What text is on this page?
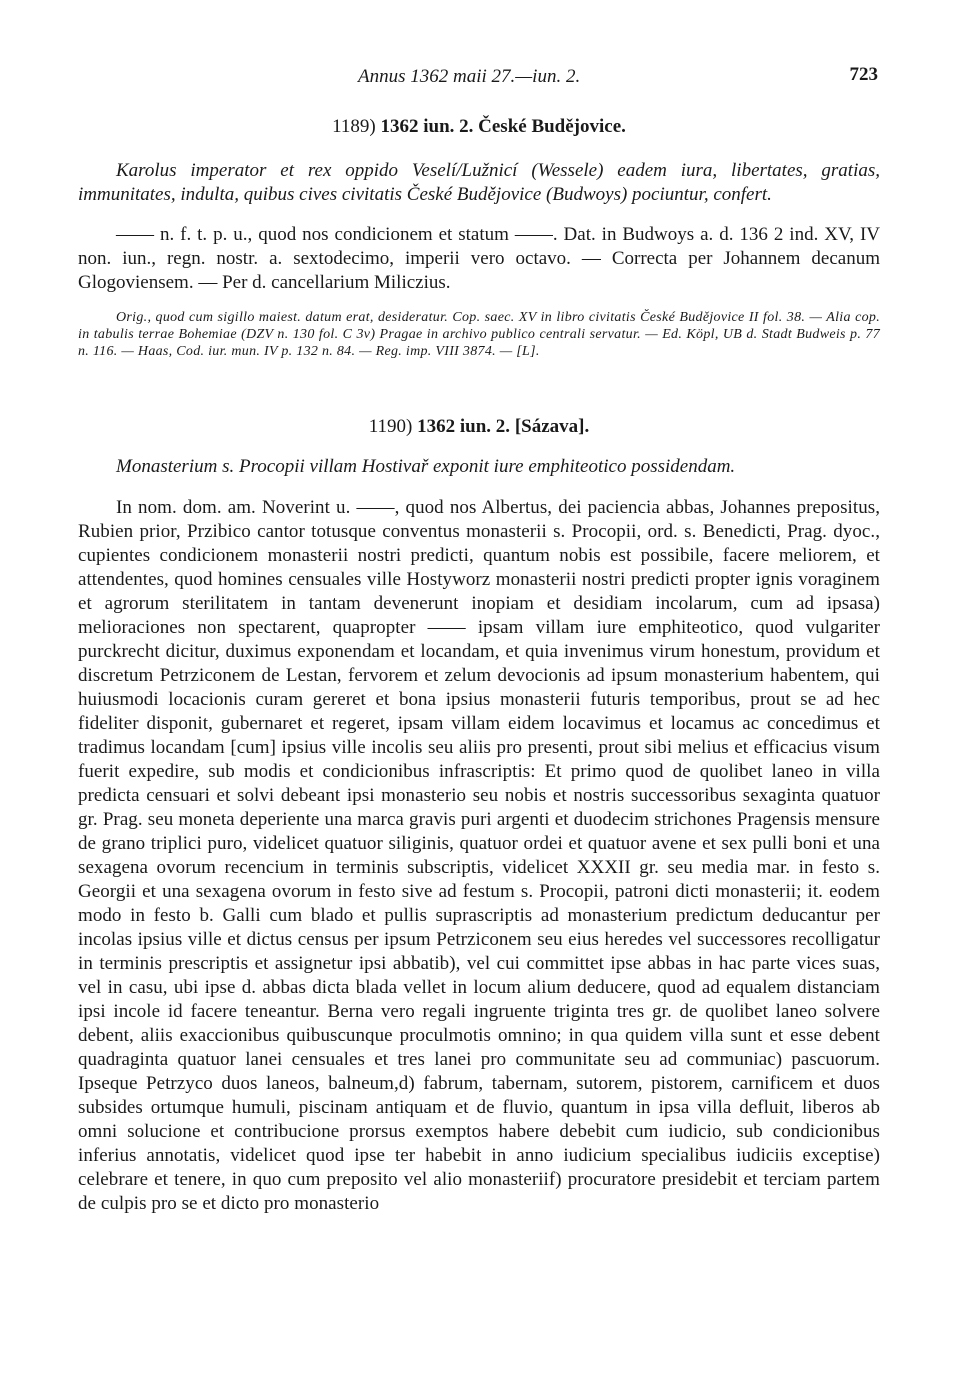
Annus 1362 maii 27.—iun. 2.	723

1189) 1362 iun. 2. České Budějovice.

Karolus imperator et rex oppido Veselí/Lužnicí (Wessele) eadem iura, libertates, gratias, immunitates, indulta, quibus cives civitatis České Budějovice (Budwoys) pociuntur, confert.

—— n. f. t. p. u., quod nos condicionem et statum ——. Dat. in Budwoys a. d. 136 2 ind. XV, IV non. iun., regn. nostr. a. sextodecimo, imperii vero octavo. — Correcta per Johannem decanum Glogoviensem. — Per d. cancellarium Miliczius.

Orig., quod cum sigillo maiest. datum erat, desideratur. Cop. saec. XV in libro civitatis České Budějovice II fol. 38. — Alia cop. in tabulis terrae Bohemiae (DZV n. 130 fol. C 3v) Pragae in archivo publico centrali servatur. — Ed. Köpl, UB d. Stadt Budweis p. 77 n. 116. — Haas, Cod. iur. mun. IV p. 132 n. 84. — Reg. imp. VIII 3874. — [L].

1190) 1362 iun. 2. [Sázava].

Monasterium s. Procopii villam Hostivař exponit iure emphiteotico possidendam.

In nom. dom. am. Noverint u. ——, quod nos Albertus, dei paciencia abbas, Johannes prepositus, Rubien prior, Przibico cantor totusque conventus monasterii s. Procopii, ord. s. Benedicti, Prag. dyoc., cupientes condicionem monasterii nostri predicti, quantum nobis est possibile, facere meliorem, et attendentes, quod homines censuales ville Hostyworz monasterii nostri predicti propter ignis voraginem et agrorum sterilitatem in tantam devenerunt inopiam et desidiam incolarum, cum ad ipsasa) melioraciones non spectarent, quapropter —— ipsam villam iure emphiteotico, quod vulgariter purckrecht dicitur, duximus exponendam et locandam, et quia invenimus virum honestum, providum et discretum Petrziconem de Lestan, fervorem et zelum devocionis ad ipsum monasterium habentem, qui huiusmodi locacionis curam gereret et bona ipsius monasterii futuris temporibus, prout se ad hec fideliter disponit, gubernaret et regeret, ipsam villam eidem locavimus et locamus ac concedimus et tradimus locandam [cum] ipsius ville incolis seu aliis pro presenti, prout sibi melius et efficacius visum fuerit expedire, sub modis et condicionibus infrascriptis: Et primo quod de quolibet laneo in villa predicta censuari et solvi debeant ipsi monasterio seu nobis et nostris successoribus sexaginta quatuor gr. Prag. seu moneta deperiente una marca gravis puri argenti et duodecim strichones Pragensis mensure de grano triplici puro, videlicet quatuor siliginis, quatuor ordei et quatuor avene et sex pulli boni et una sexagena ovorum recencium in terminis subscriptis, videlicet XXXII gr. seu media mar. in festo s. Georgii et una sexagena ovorum in festo sive ad festum s. Procopii, patroni dicti monasterii; it. eodem modo in festo b. Galli cum blado et pullis suprascriptis ad monasterium predictum deducantur per incolas ipsius ville et dictus census per ipsum Petrziconem seu eius heredes vel successores recolligatur in terminis prescriptis et assignetur ipsi abbatib), vel cui committet ipse abbas in hac parte vices suas, vel in casu, ubi ipse d. abbas dicta blada vellet in locum alium deducere, quod ad equalem distanciam ipsi incole id facere teneantur. Berna vero regali ingruente triginta tres gr. de quolibet laneo solvere debent, aliis exaccionibus quibuscunque proculmotis omnino; in qua quidem villa sunt et esse debent quadraginta quatuor lanei censuales et tres lanei pro communitate seu ad communiac) pascuorum. Ipseque Petrzyco duos laneos, balneum,d) fabrum, tabernam, sutorem, pistorem, carnificem et duos subsides ortumque humuli, piscinam antiquam et de fluvio, quantum in ipsa villa defluit, liberos ab omni solucione et contribucione prorsus exemptos habere debebit cum iudicio, sub condicionibus inferius annotatis, videlicet quod ipse ter habebit in anno iudicium specialibus iudiciis exceptise) celebrare et tenere, in quo cum preposito vel alio monasteriif) procuratore presidebit et terciam partem de culpis pro se et dicto pro monasterio
